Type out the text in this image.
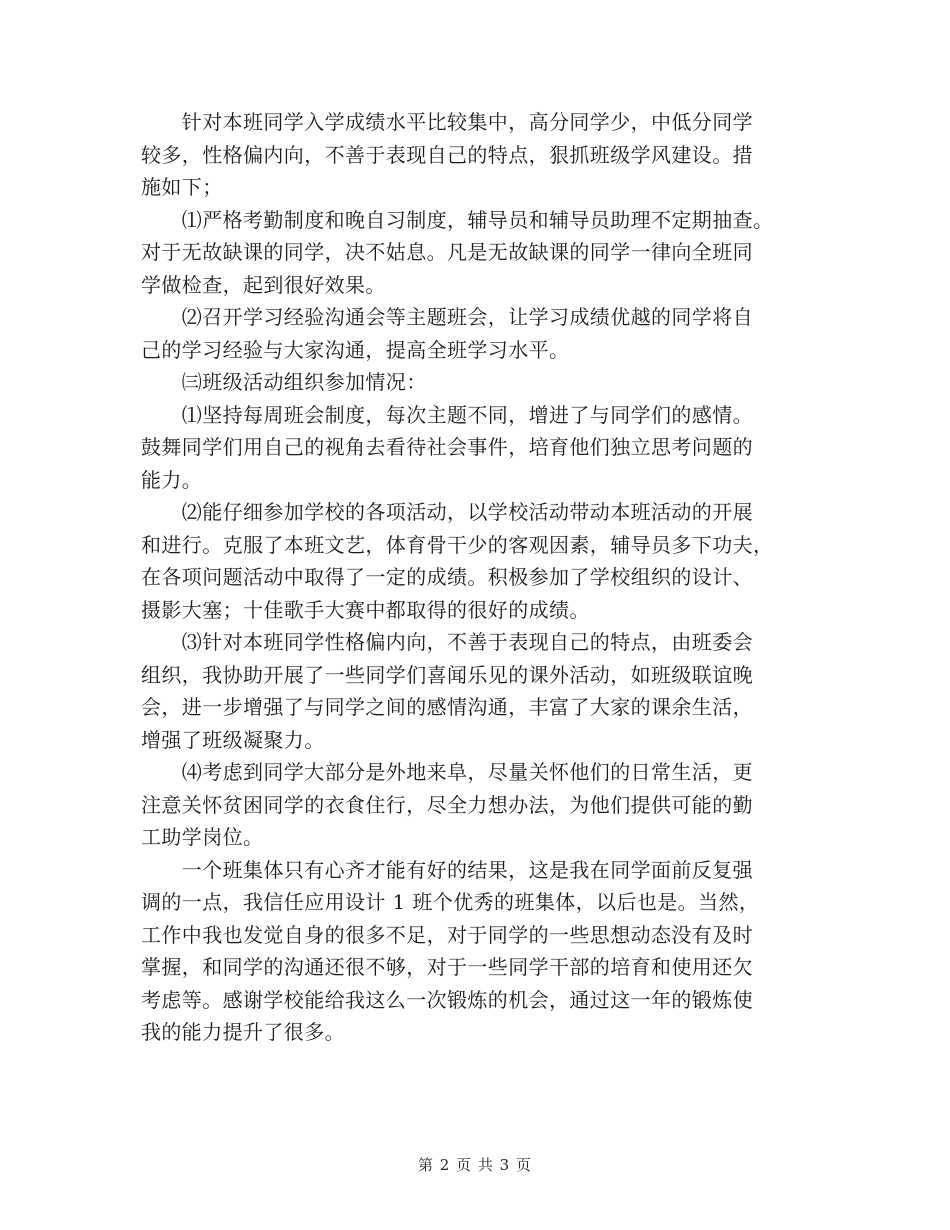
　　针对本班同学入学成绩水平比较集中，高分同学少，中低分同学
较多，性格偏内向，不善于表现自己的特点，狠抓班级学风建设。措
施如下；
　　⑴严格考勤制度和晚自习制度，辅导员和辅导员助理不定期抽查。
对于无故缺课的同学，决不姑息。凡是无故缺课的同学一律向全班同
学做检查，起到很好效果。
　　⑵召开学习经验沟通会等主题班会，让学习成绩优越的同学将自
己的学习经验与大家沟通，提高全班学习水平。
　　㈢班级活动组织参加情况：
　　⑴坚持每周班会制度，每次主题不同，增进了与同学们的感情。
鼓舞同学们用自己的视角去看待社会事件，培育他们独立思考问题的
能力。
　　⑵能仔细参加学校的各项活动，以学校活动带动本班活动的开展
和进行。克服了本班文艺，体育骨干少的客观因素，辅导员多下功夫，
在各项问题活动中取得了一定的成绩。积极参加了学校组织的设计、
摄影大塞；十佳歌手大赛中都取得的很好的成绩。
　　⑶针对本班同学性格偏内向，不善于表现自己的特点，由班委会
组织，我协助开展了一些同学们喜闻乐见的课外活动，如班级联谊晚
会，进一步增强了与同学之间的感情沟通，丰富了大家的课余生活，
增强了班级凝聚力。
　　⑷考虑到同学大部分是外地来阜，尽量关怀他们的日常生活，更
注意关怀贫困同学的衣食住行，尽全力想办法，为他们提供可能的勤
工助学岗位。
　　一个班集体只有心齐才能有好的结果，这是我在同学面前反复强
调的一点，我信任应用设计 1 班个优秀的班集体，以后也是。当然，
工作中我也发觉自身的很多不足，对于同学的一些思想动态没有及时
掌握，和同学的沟通还很不够，对于一些同学干部的培育和使用还欠
考虑等。感谢学校能给我这么一次锻炼的机会，通过这一年的锻炼使
我的能力提升了很多。
第 2 页 共 3 页
